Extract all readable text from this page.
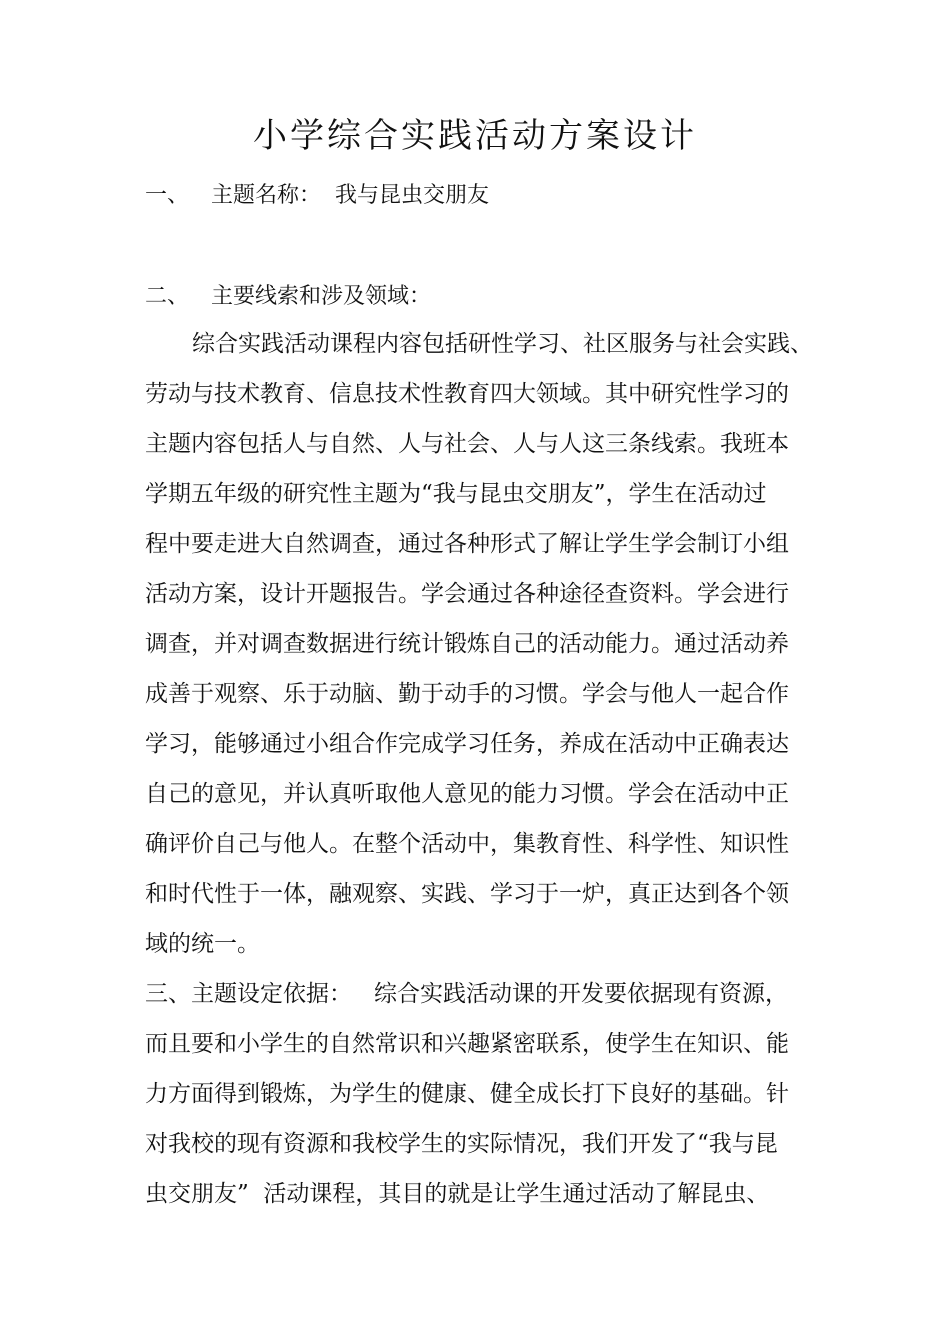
小学综合实践活动方案设计
一、 主题名称： 我与昆虫交朋友
二、 主要线索和涉及领域：
综合实践活动课程内容包括研性学习、社区服务与社会实践、
劳动与技术教育、信息技术性教育四大领域。其中研究性学习的
主题内容包括人与自然、人与社会、人与人这三条线索。我班本
学期五年级的研究性主题为“我与昆虫交朋友”，学生在活动过
程中要走进大自然调查，通过各种形式了解让学生学会制订小组
活动方案，设计开题报告。学会通过各种途径查资料。学会进行
调查，并对调查数据进行统计锻炼自己的活动能力。通过活动养
成善于观察、乐于动脑、勤于动手的习惯。学会与他人一起合作
学习，能够通过小组合作完成学习任务，养成在活动中正确表达
自己的意见，并认真听取他人意见的能力习惯。学会在活动中正
确评价自己与他人。在整个活动中，集教育性、科学性、知识性
和时代性于一体，融观察、实践、学习于一炉，真正达到各个领
域的统一。
三、主题设定依据： 综合实践活动课的开发要依据现有资源，
而且要和小学生的自然常识和兴趣紧密联系，使学生在知识、能
力方面得到锻炼，为学生的健康、健全成长打下良好的基础。针
对我校的现有资源和我校学生的实际情况，我们开发了“我与昆
虫交朋友”  活动课程，其目的就是让学生通过活动了解昆虫、
